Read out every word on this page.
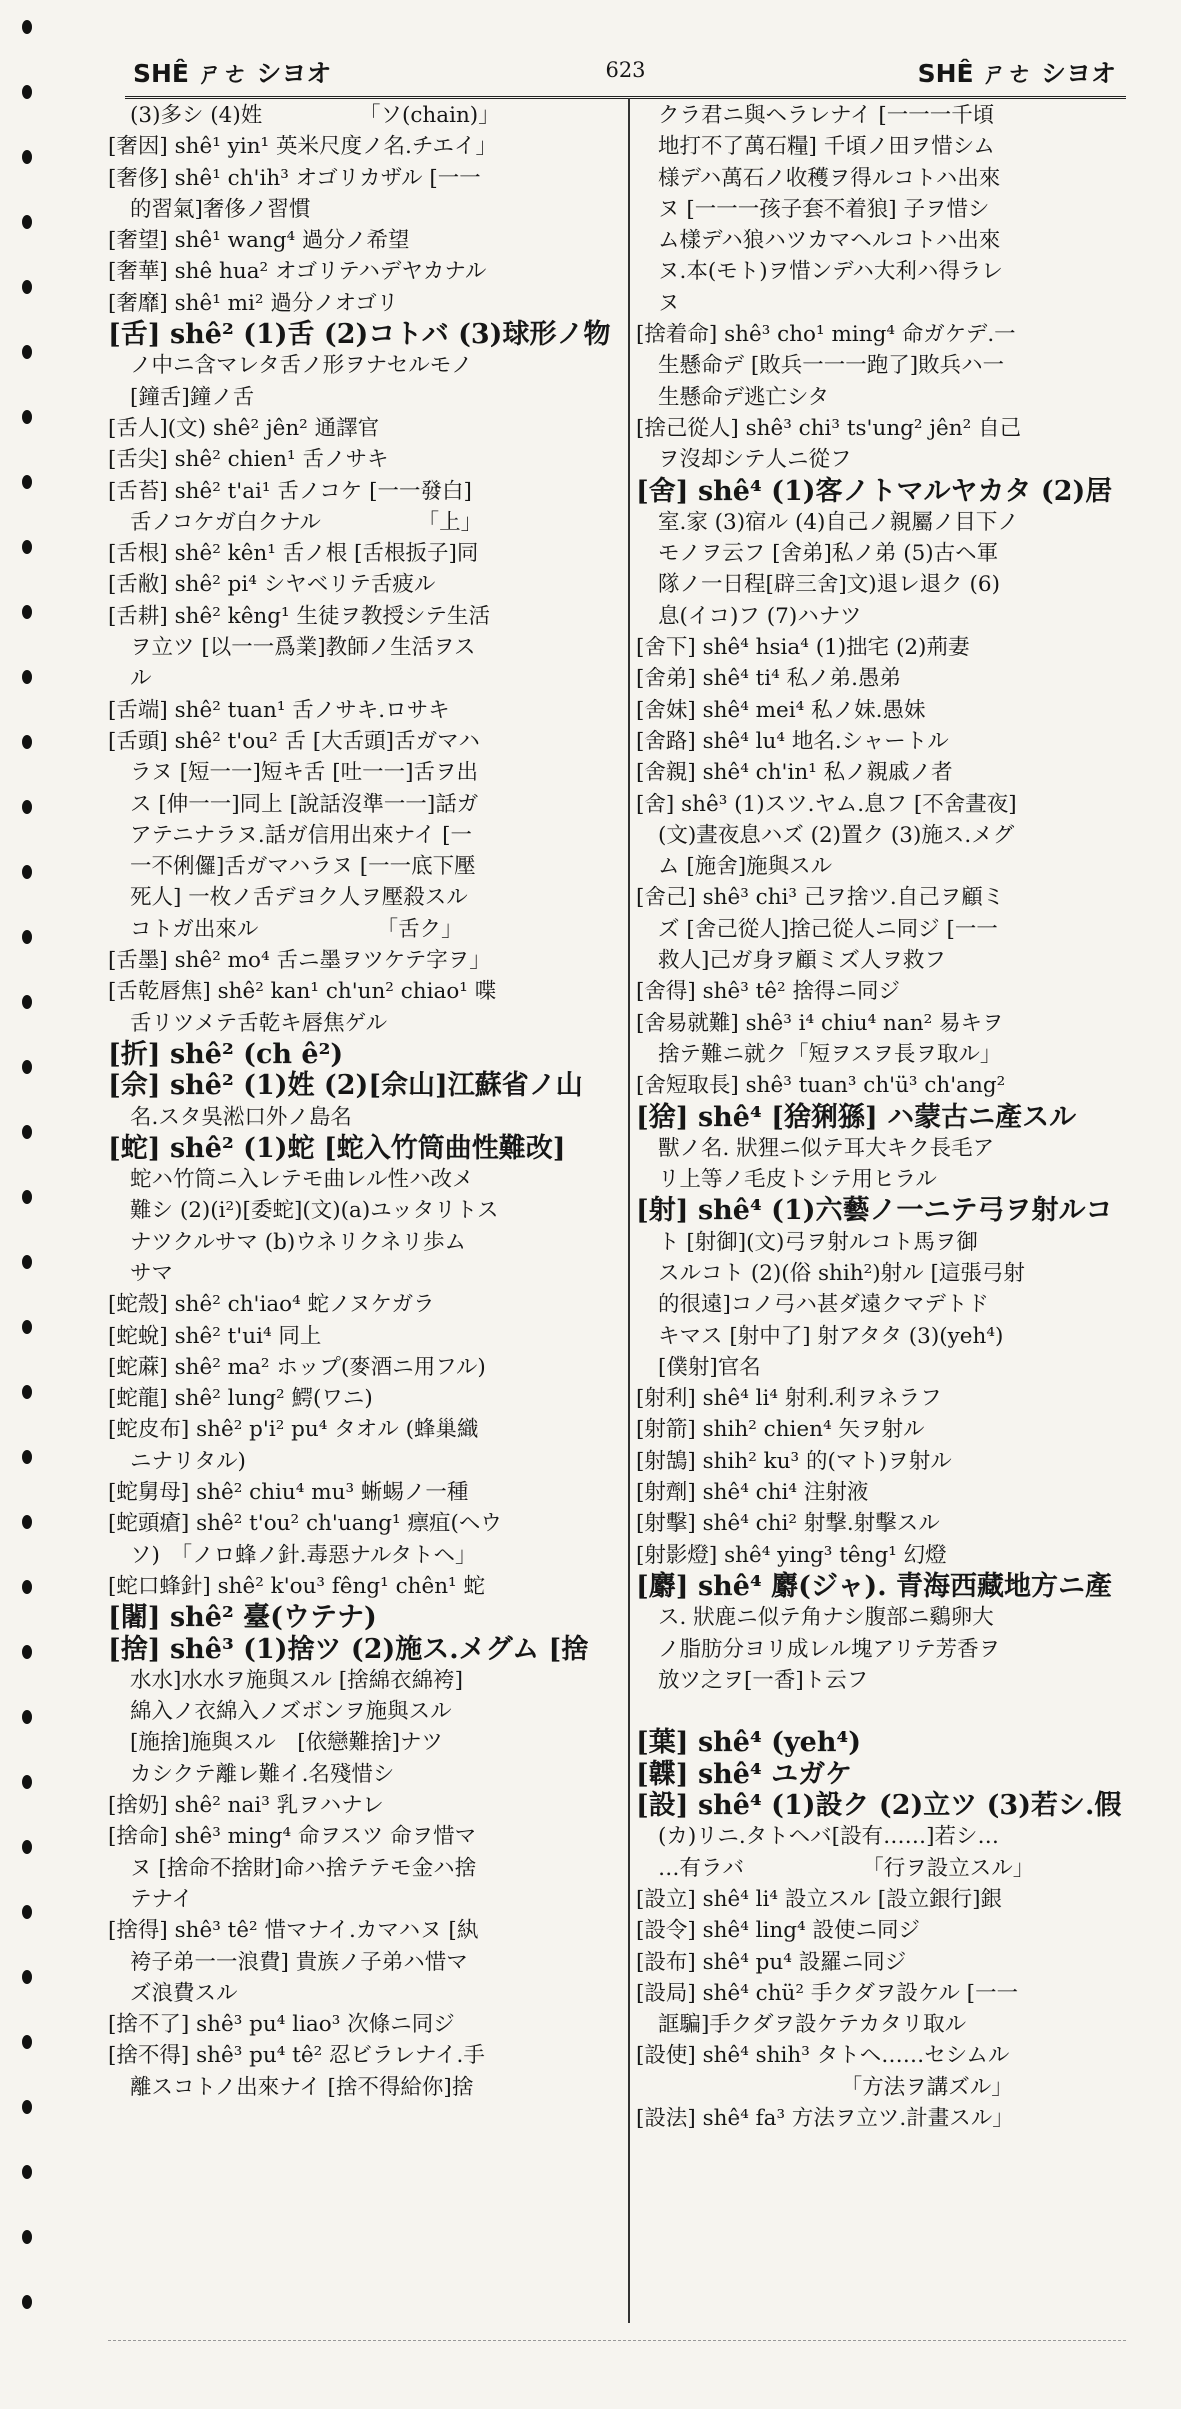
SHÊ ㄕㄜ シヨオ	623	SHÊ ㄕㄜ シヨオ
(3)多シ (4)姓　　　　　「ソ(chain)」
[奢因] shê¹ yin¹ 英米尺度ノ名.チエイ」
[奢侈] shê¹ ch'ih³ オゴリカザル [一一
的習氣]奢侈ノ習慣
[奢望] shê¹ wang⁴ 過分ノ希望
[奢華] shê hua² オゴリテハデヤカナル
[奢靡] shê¹ mi² 過分ノオゴリ
[舌] shê² (1)舌 (2)コトバ (3)球形ノ物
ノ中ニ含マレタ舌ノ形ヲナセルモノ
[鐘舌]鐘ノ舌
[舌人](文) shê² jên² 通譯官
[舌尖] shê² chien¹ 舌ノサキ
[舌苔] shê² t'ai¹ 舌ノコケ [一一發白]
舌ノコケガ白クナル　　　　　「上」
[舌根] shê² kên¹ 舌ノ根 [舌根扳子]同
[舌敝] shê² pi⁴ シヤベリテ舌疲ル
[舌耕] shê² kêng¹ 生徒ヲ教授シテ生活
ヲ立ツ [以一一爲業]教師ノ生活ヲス
ル
[舌端] shê² tuan¹ 舌ノサキ.ロサキ
[舌頭] shê² t'ou² 舌 [大舌頭]舌ガマハ
ラヌ [短一一]短キ舌 [吐一一]舌ヲ出
ス [伸一一]同上 [說話沒準一一]話ガ
アテニナラヌ.話ガ信用出來ナイ [一
一不俐儸]舌ガマハラヌ [一一底下壓
死人] 一枚ノ舌デヨク人ヲ壓殺スル
コトガ出來ル　　　　　　「舌ク」
[舌墨] shê² mo⁴ 舌ニ墨ヲツケテ字ヲ」
[舌乾唇焦] shê² kan¹ ch'un² chiao¹ 喋
舌リツメテ舌乾キ唇焦ゲル
[折] shê² (ch ê²)
[佘] shê² (1)姓 (2)[佘山]江蘇省ノ山
名.スタ吳淞口外ノ島名
[蛇] shê² (1)蛇 [蛇入竹筒曲性難改]
蛇ハ竹筒ニ入レテモ曲レル性ハ改メ
難シ (2)(i²)[委蛇](文)(a)ユッタリトス
ナツクルサマ (b)ウネリクネリ歩ム
サマ
[蛇殼] shê² ch'iao⁴ 蛇ノヌケガラ
[蛇蛻] shê² t'ui⁴ 同上
[蛇蔴] shê² ma² ホップ(麥酒ニ用フル)
[蛇龍] shê² lung² 鰐(ワニ)
[蛇皮布] shê² p'i² pu⁴ タオル (蜂巢織
ニナリタル)
[蛇舅母] shê² chiu⁴ mu³ 蜥蜴ノ一種
[蛇頭瘡] shê² t'ou² ch'uang¹ 瘭疽(ヘウ
ソ)　「ノロ蜂ノ針.毒惡ナルタトヘ」
[蛇口蜂針] shê² k'ou³ fêng¹ chên¹ 蛇
[闍] shê² 臺(ウテナ)
[捨] shê³ (1)捨ツ (2)施ス.メグム [捨
水水]水水ヲ施與スル [捨綿衣綿袴]
綿入ノ衣綿入ノズボンヲ施與スル
[施捨]施與スル　[依戀難捨]ナツ
カシクテ離レ難イ.名殘惜シ
[捨奶] shê² nai³ 乳ヲハナレ
[捨命] shê³ ming⁴ 命ヲスツ 命ヲ惜マ
ヌ [捨命不捨財]命ハ捨テテモ金ハ捨
テナイ
[捨得] shê³ tê² 惜マナイ.カマハヌ [紈
袴子弟一一浪費] 貴族ノ子弟ハ惜マ
ズ浪費スル
[捨不了] shê³ pu⁴ liao³ 次條ニ同ジ
[捨不得] shê³ pu⁴ tê² 忍ビラレナイ.手
離スコトノ出來ナイ [捨不得給你]捨
クラ君ニ與ヘラレナイ [一一一千頃
地打不了萬石糧] 千頃ノ田ヲ惜シム
様デハ萬石ノ收穫ヲ得ルコトハ出來
ヌ [一一一孩子套不着狼] 子ヲ惜シ
ム樣デハ狼ハツカマヘルコトハ出來
ヌ.本(モト)ヲ惜ンデハ大利ハ得ラレ
ヌ
[捨着命] shê³ cho¹ ming⁴ 命ガケデ.一
生懸命デ [敗兵一一一跑了]敗兵ハ一
生懸命デ逃亡シタ
[捨己從人] shê³ chi³ ts'ung² jên² 自己
ヲ沒却シテ人ニ從フ
[舍] shê⁴ (1)客ノトマルヤカタ (2)居
室.家 (3)宿ル (4)自己ノ親屬ノ目下ノ
モノヲ云フ [舍弟]私ノ弟 (5)古ヘ軍
隊ノ一日程[辟三舍]文)退レ退ク (6)
息(イコ)フ (7)ハナツ
[舍下] shê⁴ hsia⁴ (1)拙宅 (2)荊妻
[舍弟] shê⁴ ti⁴ 私ノ弟.愚弟
[舍妹] shê⁴ mei⁴ 私ノ妹.愚妹
[舍路] shê⁴ lu⁴ 地名.シャートル
[舍親] shê⁴ ch'in¹ 私ノ親戚ノ者
[舍] shê³ (1)スツ.ヤム.息フ [不舍晝夜]
(文)晝夜息ハズ (2)置ク (3)施ス.メグ
ム [施舍]施與スル
[舍己] shê³ chi³ 己ヲ捨ツ.自己ヲ顧ミ
ズ [舍己從人]捨己從人ニ同ジ [一一
救人]己ガ身ヲ顧ミズ人ヲ救フ
[舍得] shê³ tê² 捨得ニ同ジ
[舍易就難] shê³ i⁴ chiu⁴ nan² 易キヲ
捨テ難ニ就ク「短ヲスヲ長ヲ取ル」
[舍短取長] shê³ tuan³ ch'ü³ ch'ang²
[猞] shê⁴ [猞猁猻] ハ蒙古ニ產スル
獸ノ名. 狀狸ニ似テ耳大キク長毛ア
リ上等ノ毛皮トシテ用ヒラル
[射] shê⁴ (1)六藝ノ一ニテ弓ヲ射ルコ
ト [射御](文)弓ヲ射ルコト馬ヲ御
スルコト (2)(俗 shih²)射ル [這張弓射
的很遠]コノ弓ハ甚ダ遠クマデトド
キマス [射中了] 射アタタ (3)(yeh⁴)
[僕射]官名
[射利] shê⁴ li⁴ 射利.利ヲネラフ
[射箭] shih² chien⁴ 矢ヲ射ル
[射鵠] shih² ku³ 的(マト)ヲ射ル
[射劑] shê⁴ chi⁴ 注射液
[射擊] shê⁴ chi² 射撃.射擊スル
[射影燈] shê⁴ ying³ têng¹ 幻燈
[麝] shê⁴ 麝(ジャ). 青海西藏地方ニ產
ス. 狀鹿ニ似テ角ナシ腹部ニ鷄卵大
ノ脂肪分ヨリ成レル塊アリテ芳香ヲ
放ツ之ヲ[一香]ト云フ
[葉] shê⁴ (yeh⁴)
[韘] shê⁴ ユガケ
[設] shê⁴ (1)設ク (2)立ツ (3)若シ.假
(カ)リニ.タトヘバ[設有……]若シ…
…有ラバ　　　　　　「行ヲ設立スル」
[設立] shê⁴ li⁴ 設立スル [設立銀行]銀
[設令] shê⁴ ling⁴ 設使ニ同ジ
[設布] shê⁴ pu⁴ 設羅ニ同ジ
[設局] shê⁴ chü² 手クダヲ設ケル [一一
誆騙]手クダヲ設ケテカタリ取ル
[設使] shê⁴ shih³ タトヘ……セシムル
　　　　　　　　　「方法ヲ講ズル」
[設法] shê⁴ fa³ 方法ヲ立ツ.計畫スル」
